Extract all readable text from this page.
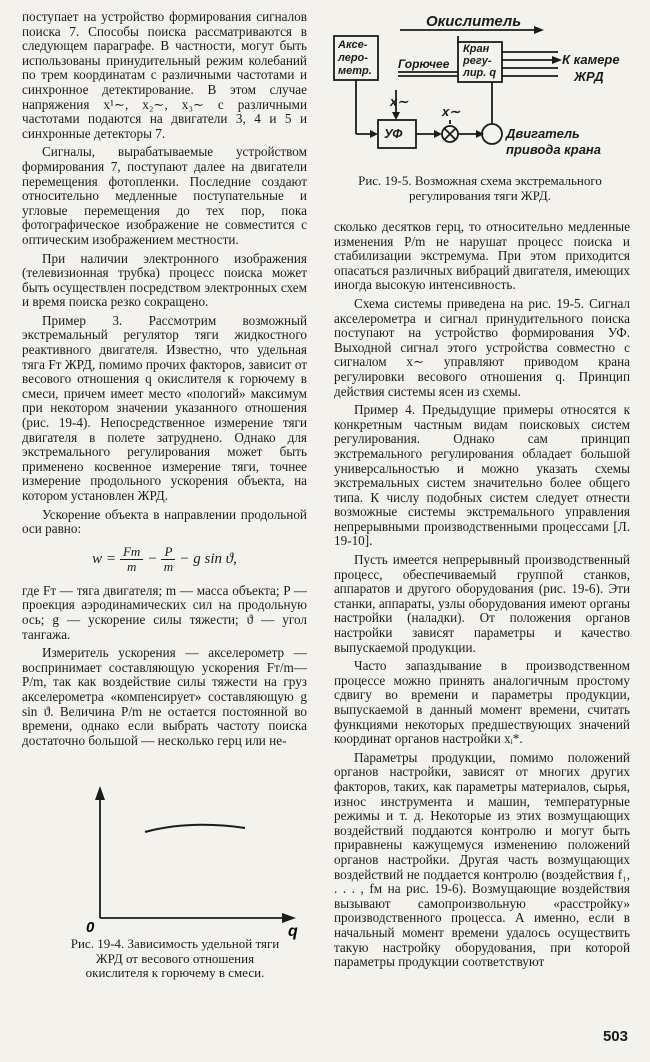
поступает на устройство формирования сигналов поиска 7. Способы поиска рассматриваются в следующем параграфе. В частности, могут быть использованы принудительный режим колебаний по трем координатам с различными частотами и синхронное детектирование. В этом случае напряжения x¹∼, x₂∼, x₃∼ с различными частотами подаются на двигатели 3, 4 и 5 и синхронные детекторы 7.

Сигналы, вырабатываемые устройством формирования 7, поступают далее на двигатели перемещения фотопленки. Последние создают относительно медленные поступательные и угловые перемещения до тех пор, пока фотографическое изображение не совместится с оптическим изображением местности.

При наличии электронного изображения (телевизионная трубка) процесс поиска может быть осуществлен посредством электронных схем и время поиска резко сокращено.

Пример 3. Рассмотрим возможный экстремальный регулятор тяги жидкостного реактивного двигателя. Известно, что удельная тяга Fт ЖРД, помимо прочих факторов, зависит от весового отношения q окислителя к горючему в смеси, причем имеет место «пологий» максимум при некотором значении указанного отношения (рис. 19-4). Непосредственное измерение тяги двигателя в полете затруднено. Однако для экстремального регулирования может быть применено косвенное измерение тяги, точнее измерение продольного ускорения объекта, на котором установлен ЖРД.

Ускорение объекта в направлении продольной оси равно:

$w = \frac{Fт}{m} - \frac{P}{m} - g$ sin ϑ,

где Fт — тяга двигателя; m — масса объекта; P — проекция аэродинамических сил на продольную ось; g — ускорение силы тяжести; ϑ — угол тангажа.

Измеритель ускорения — акселерометр — воспринимает составляющую ускорения Fт/m—P/m, так как воздействие силы тяжести на груз акселерометра «компенсирует» составляющую g sin ϑ. Величина P/m не остается постоянной во времени, однако если выбрать частоту поиска достаточно большой — несколько герц или не-

0	q
Рис. 19-4. Зависимость удельной тяги ЖРД от весового отношения окислителя к горючему в смеси.
Окислитель
Горючее
Аксе-
леро-
метр.
Кран
регу-
лир. q
К камере
ЖРД
УФ
x∼
x∼
Двигатель
привода крана
Рис. 19-5. Возможная схема экстремального регулирования тяги ЖРД.

сколько десятков герц, то относительно медленные изменения P/m не нарушат процесс поиска и стабилизации экстремума. При этом приходится опасаться различных вибраций двигателя, имеющих иногда высокую интенсивность.

Схема системы приведена на рис. 19-5. Сигнал акселерометра и сигнал принудительного поиска поступают на устройство формирования УФ. Выходной сигнал этого устройства совместно с сигналом x∼ управляют приводом крана регулировки весового отношения q. Принцип действия системы ясен из схемы.

Пример 4. Предыдущие примеры относятся к конкретным частным видам поисковых систем регулирования. Однако сам принцип экстремального регулирования обладает большой универсальностью и можно указать схемы экстремальных систем значительно более общего типа. К числу подобных систем следует отнести возможные системы экстремального управления непрерывными производственными процессами [Л. 19-10].

Пусть имеется непрерывный производственный процесс, обеспечиваемый группой станков, аппаратов и другого оборудования (рис. 19-6). Эти станки, аппараты, узлы оборудования имеют органы настройки (наладки). От положения органов настройки зависят параметры и качество выпускаемой продукции.

Часто запаздывание в производственном процессе можно принять аналогичным простому сдвигу во времени и параметры продукции, выпускаемой в данный момент времени, считать функциями некоторых предшествующих значений координат органов настройки xᵢ*.

Параметры продукции, помимо положений органов настройки, зависят от многих других факторов, таких, как параметры материалов, сырья, износ инструмента и машин, температурные режимы и т. д. Некоторые из этих возмущающих воздействий поддаются контролю и могут быть приравнены кажущемуся изменению положений органов настройки. Другая часть возмущающих воздействий не поддается контролю (воздействия f₁, . . . , fм на рис. 19-6). Возмущающие воздействия вызывают самопроизвольную «расстройку» производственного процесса. А именно, если в начальный момент времени удалось осуществить такую настройку оборудования, при которой параметры продукции соответствуют

503
